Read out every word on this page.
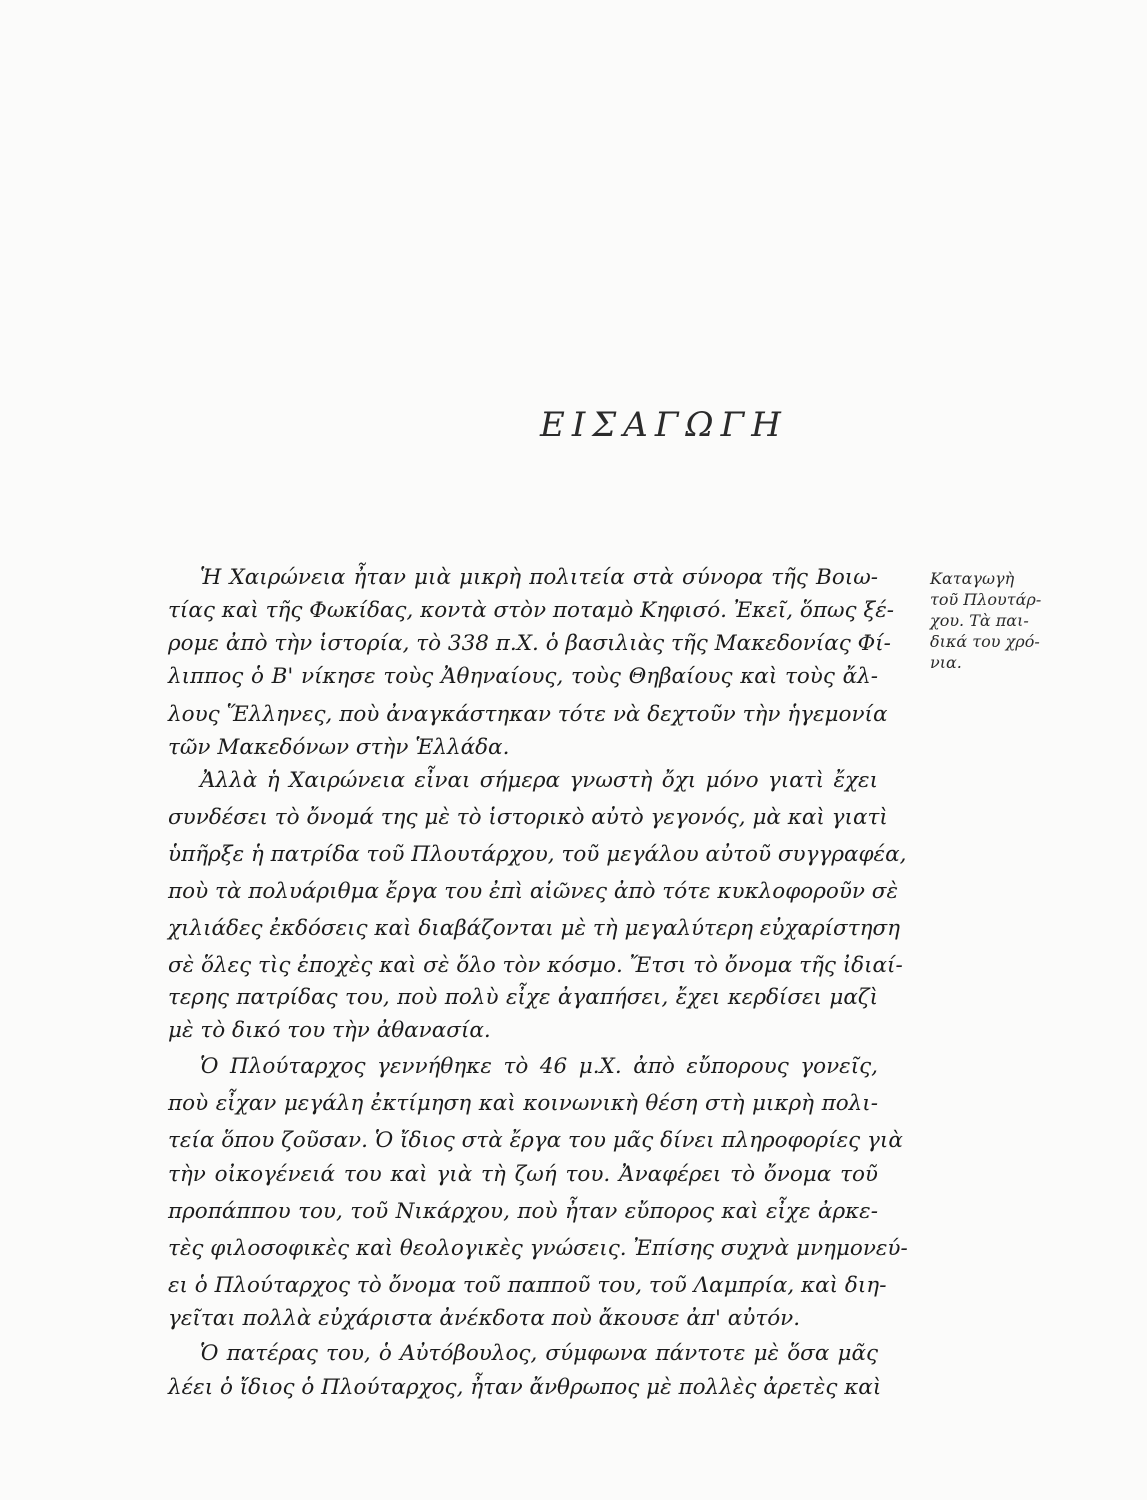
ΕΙΣΑΓΩΓΗ
Ἡ Χαιρώνεια ἦταν μιὰ μικρὴ πολιτεία στὰ σύνορα τῆς Βοιω-
τίας καὶ τῆς Φωκίδας, κοντὰ στὸν ποταμὸ Κηφισό. Ἐκεῖ, ὅπως ξέ-
ρομε ἀπὸ τὴν ἱστορία, τὸ 338 π.Χ. ὁ βασιλιὰς τῆς Μακεδονίας Φί-
λιππος ὁ Β' νίκησε τοὺς Ἀθηναίους, τοὺς Θηβαίους καὶ τοὺς ἄλ-
λους Ἕλληνες, ποὺ ἀναγκάστηκαν τότε νὰ δεχτοῦν τὴν ἡγεμονία
τῶν Μακεδόνων στὴν Ἑλλάδα.
Ἀλλὰ ἡ Χαιρώνεια εἶναι σήμερα γνωστὴ ὄχι μόνο γιατὶ ἔχει
συνδέσει τὸ ὄνομά της μὲ τὸ ἱστορικὸ αὐτὸ γεγονός, μὰ καὶ γιατὶ
ὑπῆρξε ἡ πατρίδα τοῦ Πλουτάρχου, τοῦ μεγάλου αὐτοῦ συγγραφέα,
ποὺ τὰ πολυάριθμα ἔργα του ἐπὶ αἰῶνες ἀπὸ τότε κυκλοφοροῦν σὲ
χιλιάδες ἐκδόσεις καὶ διαβάζονται μὲ τὴ μεγαλύτερη εὐχαρίστηση
σὲ ὅλες τὶς ἐποχὲς καὶ σὲ ὅλο τὸν κόσμο. Ἔτσι τὸ ὄνομα τῆς ἰδιαί-
τερης πατρίδας του, ποὺ πολὺ εἶχε ἀγαπήσει, ἔχει κερδίσει μαζὶ
μὲ τὸ δικό του τὴν ἀθανασία.
Ὁ Πλούταρχος γεννήθηκε τὸ 46 μ.Χ. ἀπὸ εὔπορους γονεῖς,
ποὺ εἶχαν μεγάλη ἐκτίμηση καὶ κοινωνικὴ θέση στὴ μικρὴ πολι-
τεία ὅπου ζοῦσαν. Ὁ ἴδιος στὰ ἔργα του μᾶς δίνει πληροφορίες γιὰ
τὴν οἰκογένειά του καὶ γιὰ τὴ ζωή του. Ἀναφέρει τὸ ὄνομα τοῦ
προπάππου του, τοῦ Νικάρχου, ποὺ ἦταν εὔπορος καὶ εἶχε ἀρκε-
τὲς φιλοσοφικὲς καὶ θεολογικὲς γνώσεις. Ἐπίσης συχνὰ μνημονεύ-
ει ὁ Πλούταρχος τὸ ὄνομα τοῦ παπποῦ του, τοῦ Λαμπρία, καὶ διη-
γεῖται πολλὰ εὐχάριστα ἀνέκδοτα ποὺ ἄκουσε ἀπ' αὐτόν.
Ὁ πατέρας του, ὁ Αὐτόβουλος, σύμφωνα πάντοτε μὲ ὅσα μᾶς
λέει ὁ ἴδιος ὁ Πλούταρχος, ἦταν ἄνθρωπος μὲ πολλὲς ἀρετὲς καὶ
Καταγωγὴ
τοῦ Πλουτάρ-
χου. Τὰ παι-
δικά του χρό-
νια.
